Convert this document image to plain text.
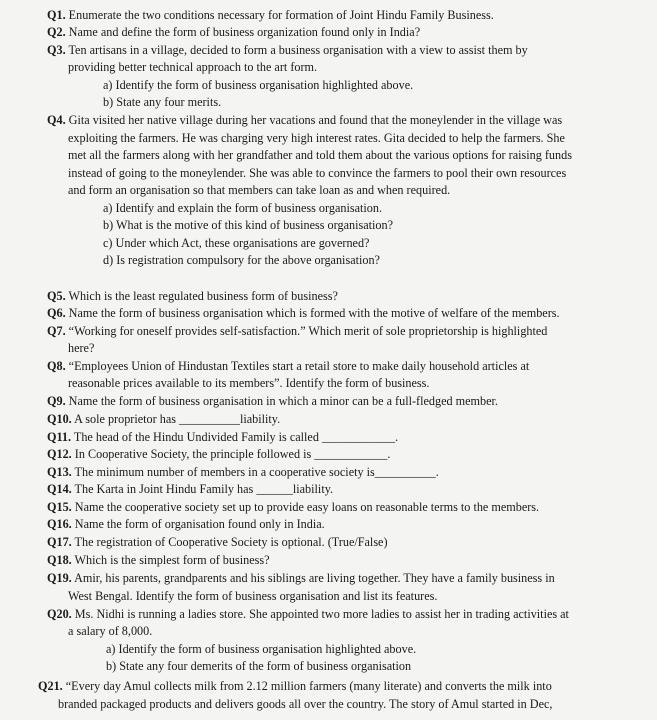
Q1. Enumerate the two conditions necessary for formation of Joint Hindu Family Business.
Q2. Name and define the form of business organization found only in India?
Q3. Ten artisans in a village, decided to form a business organisation with a view to assist them by
providing better technical approach to the art form.
a) Identify the form of business organisation highlighted above.
b) State any four merits.
Q4. Gita visited her native village during her vacations and found that the moneylender in the village was
exploiting the farmers. He was charging very high interest rates. Gita decided to help the farmers. She
met all the farmers along with her grandfather and told them about the various options for raising funds
instead of going to the moneylender. She was able to convince the farmers to pool their own resources
and form an organisation so that members can take loan as and when required.
a) Identify and explain the form of business organisation.
b) What is the motive of this kind of business organisation?
c) Under which Act, these organisations are governed?
d) Is registration compulsory for the above organisation?
Q5. Which is the least regulated business form of business?
Q6. Name the form of business organisation which is formed with the motive of welfare of the members.
Q7. “Working for oneself provides self-satisfaction.” Which merit of sole proprietorship is highlighted
here?
Q8. “Employees Union of Hindustan Textiles start a retail store to make daily household articles at
reasonable prices available to its members”. Identify the form of business.
Q9. Name the form of business organisation in which a minor can be a full-fledged member.
Q10. A sole proprietor has __________liability.
Q11. The head of the Hindu Undivided Family is called ____________.
Q12. In Cooperative Society, the principle followed is ____________.
Q13. The minimum number of members in a cooperative society is__________.
Q14. The Karta in Joint Hindu Family has ______liability.
Q15. Name the cooperative society set up to provide easy loans on reasonable terms to the members.
Q16. Name the form of organisation found only in India.
Q17. The registration of Cooperative Society is optional. (True/False)
Q18. Which is the simplest form of business?
Q19. Amir, his parents, grandparents and his siblings are living together. They have a family business in
West Bengal. Identify the form of business organisation and list its features.
Q20. Ms. Nidhi is running a ladies store. She appointed two more ladies to assist her in trading activities at
a salary of 8,000.
a) Identify the form of business organisation highlighted above.
b) State any four demerits of the form of business organisation
Q21. “Every day Amul collects milk from 2.12 million farmers (many literate) and converts the milk into
branded packaged products and delivers goods all over the country. The story of Amul started in Dec,
